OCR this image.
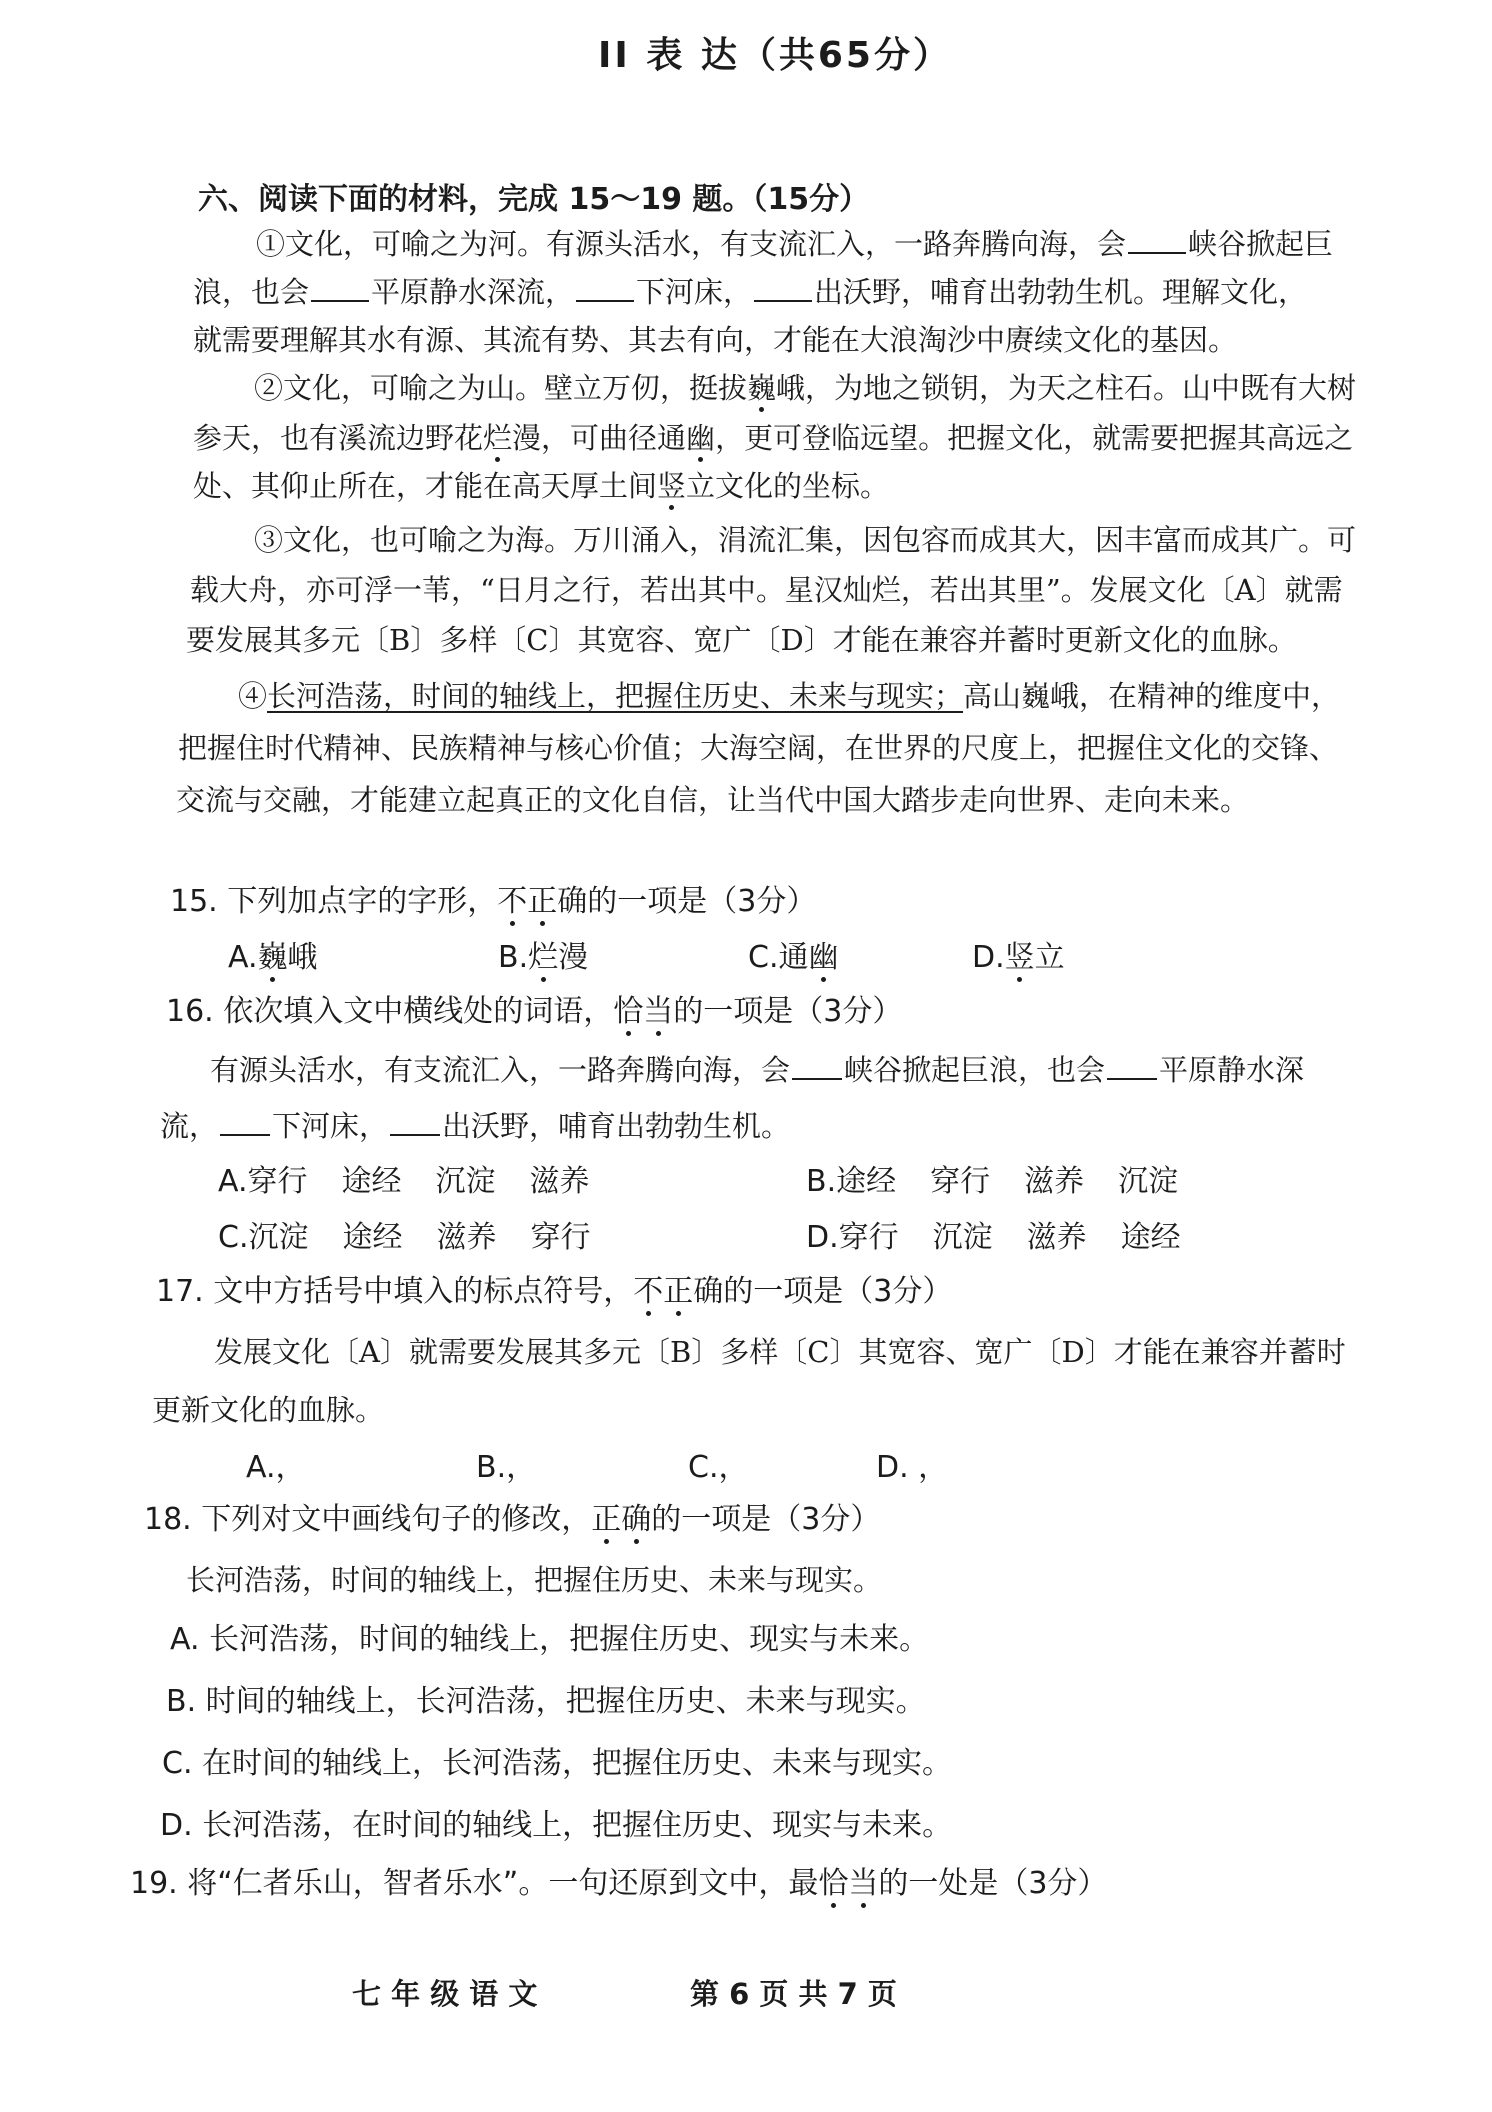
II 表 达（共65分）
六、阅读下面的材料，完成 15～19 题。（15分）
①文化，可喻之为河。有源头活水，有支流汇入，一路奔腾向海，会 峡谷掀起巨
浪，也会 平原静水深流， 下河床， 出沃野，哺育出勃勃生机。理解文化，
就需要理解其水有源、其流有势、其去有向，才能在大浪淘沙中赓续文化的基因。
②文化，可喻之为山。壁立万仞，挺拔巍峨，为地之锁钥，为天之柱石。山中既有大树
参天，也有溪流边野花烂漫，可曲径通幽，更可登临远望。把握文化，就需要把握其高远之
处、其仰止所在，才能在高天厚土间竖立文化的坐标。
③文化，也可喻之为海。万川涌入，涓流汇集，因包容而成其大，因丰富而成其广。可
载大舟，亦可浮一苇，“日月之行，若出其中。星汉灿烂，若出其里”。发展文化〔A〕就需
要发展其多元〔B〕多样〔C〕其宽容、宽广〔D〕才能在兼容并蓄时更新文化的血脉。
④长河浩荡，时间的轴线上，把握住历史、未来与现实；高山巍峨，在精神的维度中，
把握住时代精神、民族精神与核心价值；大海空阔，在世界的尺度上，把握住文化的交锋、
交流与交融，才能建立起真正的文化自信，让当代中国大踏步走向世界、走向未来。
15. 下列加点字的字形，不正确的一项是（3分）
A.巍峨	B.烂漫	C.通幽	D.竖立
16. 依次填入文中横线处的词语，恰当的一项是（3分）
有源头活水，有支流汇入，一路奔腾向海，会 峡谷掀起巨浪，也会 平原静水深
流， 下河床， 出沃野，哺育出勃勃生机。
A.穿行 途经 沉淀 滋养	B.途经 穿行 滋养 沉淀
C.沉淀 途经 滋养 穿行	D.穿行 沉淀 滋养 途经
17. 文中方括号中填入的标点符号，不正确的一项是（3分）
发展文化〔A〕就需要发展其多元〔B〕多样〔C〕其宽容、宽广〔D〕才能在兼容并蓄时
更新文化的血脉。
A.，	B.，	C.，	D. ，
18. 下列对文中画线句子的修改，正确的一项是（3分）
长河浩荡，时间的轴线上，把握住历史、未来与现实。
A. 长河浩荡，时间的轴线上，把握住历史、现实与未来。
B. 时间的轴线上，长河浩荡，把握住历史、未来与现实。
C. 在时间的轴线上，长河浩荡，把握住历史、未来与现实。
D. 长河浩荡，在时间的轴线上，把握住历史、现实与未来。
19. 将“仁者乐山，智者乐水”。一句还原到文中，最恰当的一处是（3分）
七 年 级 语 文	第 6 页 共 7 页
